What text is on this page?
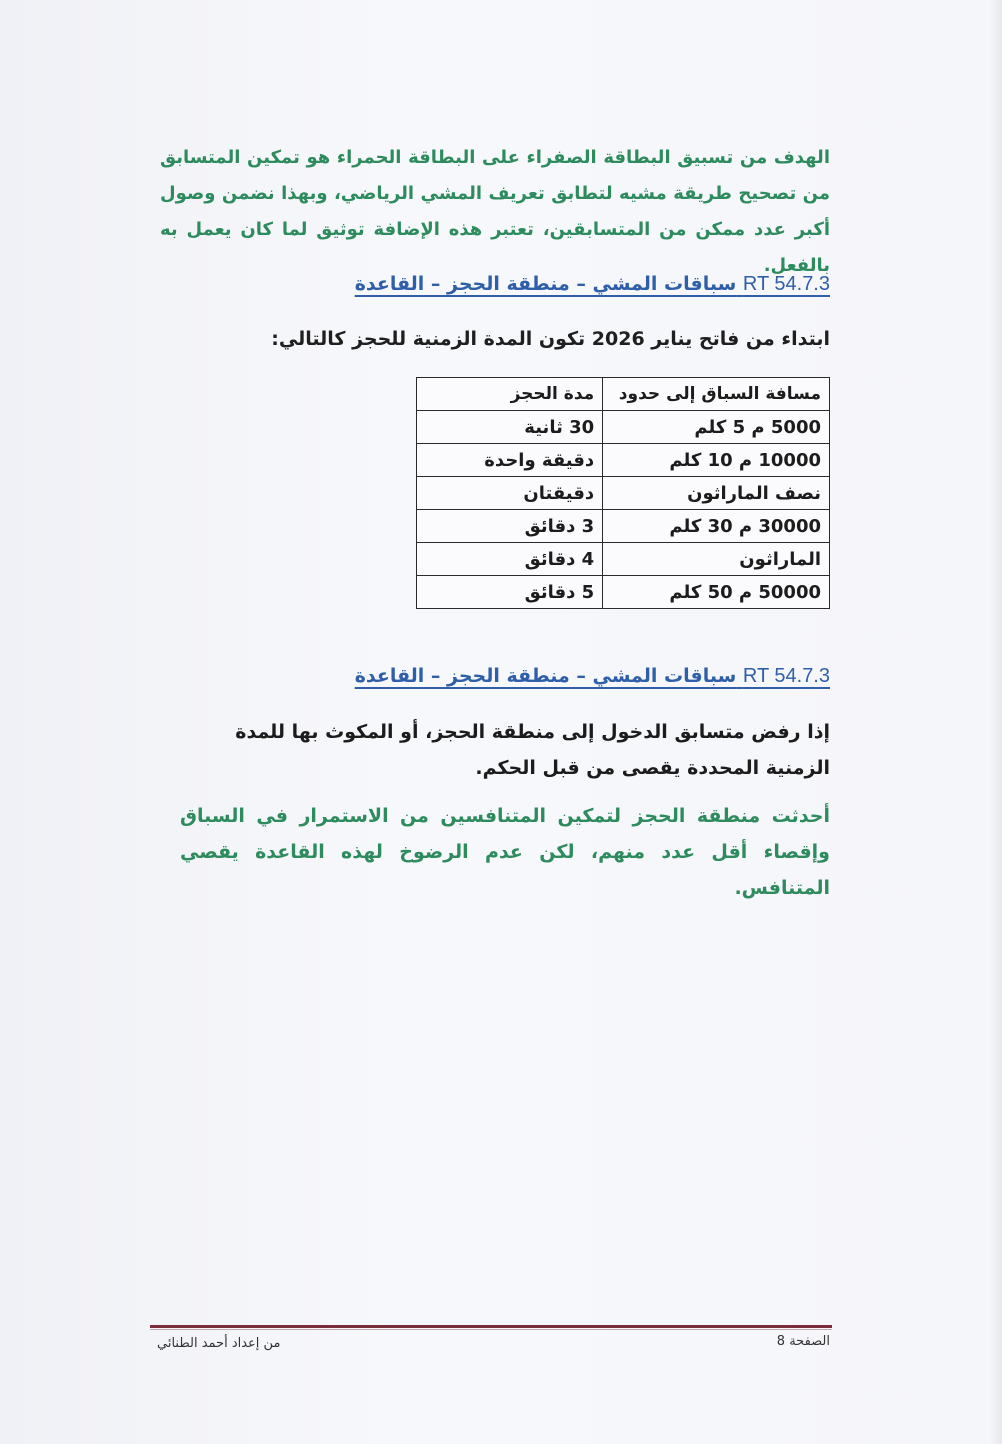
الهدف من تسبيق البطاقة الصفراء على البطاقة الحمراء هو تمكين المتسابق من تصحيح طريقة مشيه لتطابق تعريف المشي الرياضي، وبهذا نضمن وصول أكبر عدد ممكن من المتسابقين، تعتبر هذه الإضافة توثيق لما كان يعمل به بالفعل.

RT 54.7.3 سباقات المشي – منطقة الحجز – القاعدة

ابتداء من فاتح يناير 2026 تكون المدة الزمنية للحجز كالتالي:

مسافة السباق إلى حدود	مدة الحجز
5000 م 5 كلم	30 ثانية
10000 م 10 كلم	دقيقة واحدة
نصف الماراثون	دقيقتان
30000 م 30 كلم	3 دقائق
الماراثون	4 دقائق
50000 م 50 كلم	5 دقائق
RT 54.7.3 سباقات المشي – منطقة الحجز – القاعدة

إذا رفض متسابق الدخول إلى منطقة الحجز، أو المكوث بها للمدة الزمنية المحددة يقصى من قبل الحكم.

أحدثت منطقة الحجز لتمكين المتنافسين من الاستمرار في السباق وإقصاء أقل عدد منهم، لكن عدم الرضوخ لهذه القاعدة يقصي المتنافس.

من إعداد أحمد الطنائي	الصفحة 8
